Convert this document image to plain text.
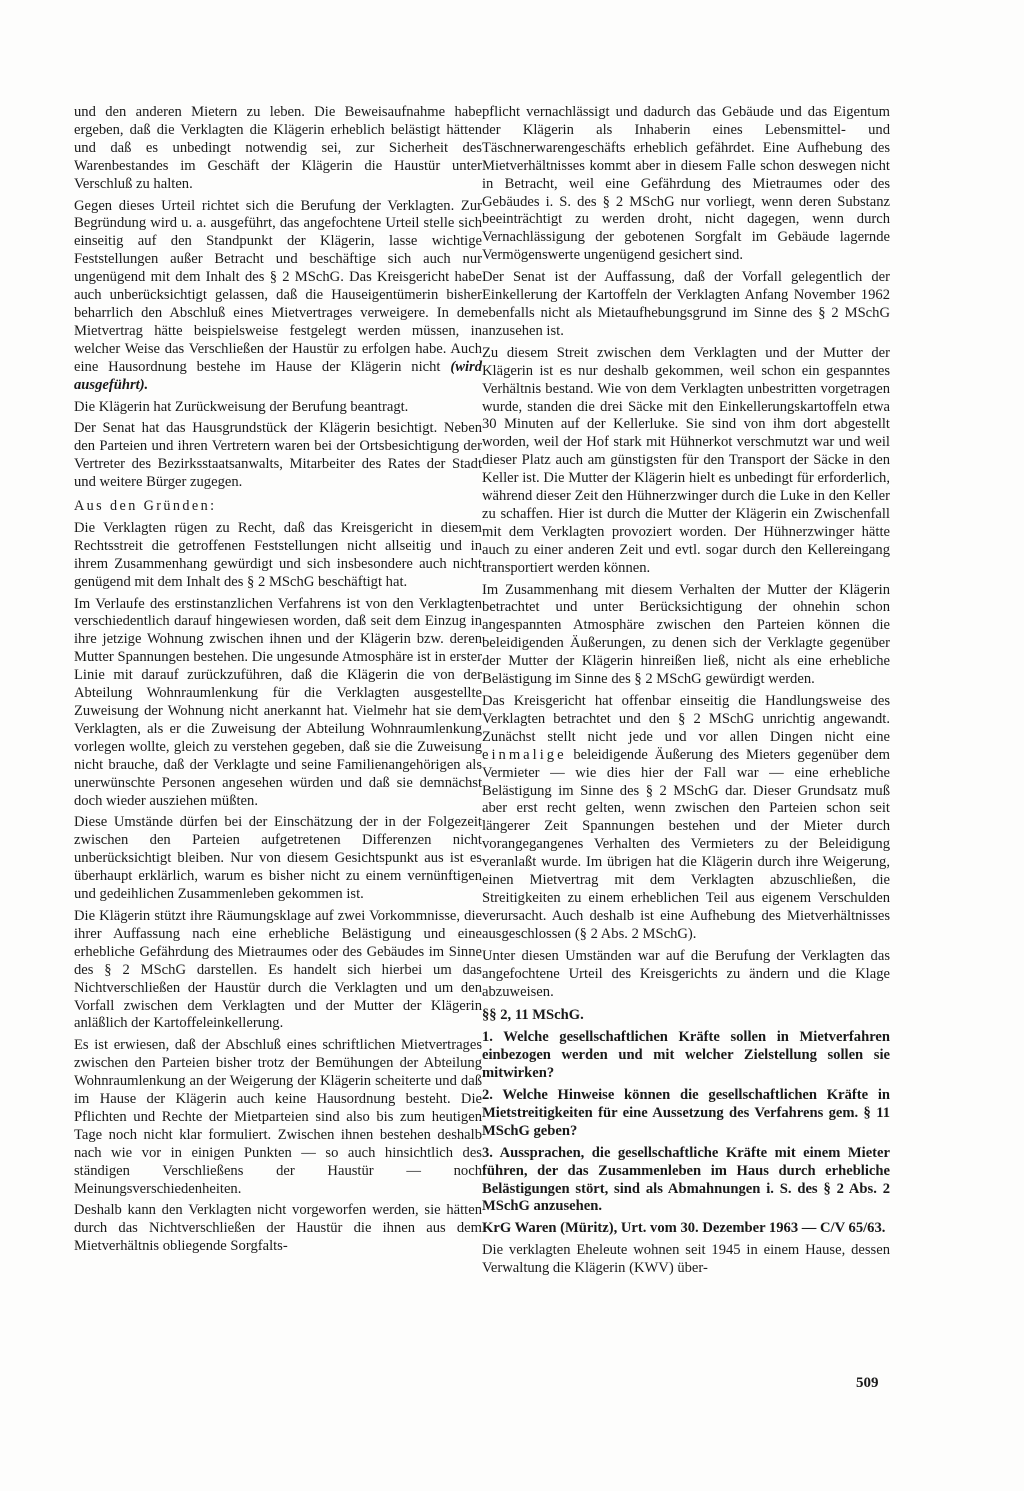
und den anderen Mietern zu leben. Die Beweisaufnahme habe ergeben, daß die Verklagten die Klägerin erheblich belästigt hätten und daß es unbedingt notwendig sei, zur Sicherheit des Warenbestandes im Geschäft der Klägerin die Haustür unter Verschluß zu halten.

Gegen dieses Urteil richtet sich die Berufung der Verklagten. Zur Begründung wird u. a. ausgeführt, das angefochtene Urteil stelle sich einseitig auf den Standpunkt der Klägerin, lasse wichtige Feststellungen außer Betracht und beschäftige sich auch nur ungenügend mit dem Inhalt des § 2 MSchG. Das Kreisgericht habe auch unberücksichtigt gelassen, daß die Hauseigentümerin bisher beharrlich den Abschluß eines Mietvertrages verweigere. In dem Mietvertrag hätte beispielsweise festgelegt werden müssen, in welcher Weise das Verschließen der Haustür zu erfolgen habe. Auch eine Hausordnung bestehe im Hause der Klägerin nicht (wird ausgeführt).

Die Klägerin hat Zurückweisung der Berufung beantragt.

Der Senat hat das Hausgrundstück der Klägerin besichtigt. Neben den Parteien und ihren Vertretern waren bei der Ortsbesichtigung der Vertreter des Bezirksstaatsanwalts, Mitarbeiter des Rates der Stadt und weitere Bürger zugegen.

Aus den Gründen:

Die Verklagten rügen zu Recht, daß das Kreisgericht in diesem Rechtsstreit die getroffenen Feststellungen nicht allseitig und in ihrem Zusammenhang gewürdigt und sich insbesondere auch nicht genügend mit dem Inhalt des § 2 MSchG beschäftigt hat.

Im Verlaufe des erstinstanzlichen Verfahrens ist von den Verklagten verschiedentlich darauf hingewiesen worden, daß seit dem Einzug in ihre jetzige Wohnung zwischen ihnen und der Klägerin bzw. deren Mutter Spannungen bestehen. Die ungesunde Atmosphäre ist in erster Linie mit darauf zurückzuführen, daß die Klägerin die von der Abteilung Wohnraumlenkung für die Verklagten ausgestellte Zuweisung der Wohnung nicht anerkannt hat. Vielmehr hat sie dem Verklagten, als er die Zuweisung der Abteilung Wohnraumlenkung vorlegen wollte, gleich zu verstehen gegeben, daß sie die Zuweisung nicht brauche, daß der Verklagte und seine Familienangehörigen als unerwünschte Personen angesehen würden und daß sie demnächst doch wieder ausziehen müßten.

Diese Umstände dürfen bei der Einschätzung der in der Folgezeit zwischen den Parteien aufgetretenen Differenzen nicht unberücksichtigt bleiben. Nur von diesem Gesichtspunkt aus ist es überhaupt erklärlich, warum es bisher nicht zu einem vernünftigen und gedeihlichen Zusammenleben gekommen ist.

Die Klägerin stützt ihre Räumungsklage auf zwei Vorkommnisse, die ihrer Auffassung nach eine erhebliche Belästigung und eine erhebliche Gefährdung des Mietraumes oder des Gebäudes im Sinne des § 2 MSchG darstellen. Es handelt sich hierbei um das Nichtverschließen der Haustür durch die Verklagten und um den Vorfall zwischen dem Verklagten und der Mutter der Klägerin anläßlich der Kartoffeleinkellerung.

Es ist erwiesen, daß der Abschluß eines schriftlichen Mietvertrages zwischen den Parteien bisher trotz der Bemühungen der Abteilung Wohnraumlenkung an der Weigerung der Klägerin scheiterte und daß im Hause der Klägerin auch keine Hausordnung besteht. Die Pflichten und Rechte der Mietparteien sind also bis zum heutigen Tage noch nicht klar formuliert. Zwischen ihnen bestehen deshalb nach wie vor in einigen Punkten — so auch hinsichtlich des ständigen Verschließens der Haustür — noch Meinungsverschiedenheiten.

Deshalb kann den Verklagten nicht vorgeworfen werden, sie hätten durch das Nichtverschließen der Haustür die ihnen aus dem Mietverhältnis obliegende Sorgfalts-

pflicht vernachlässigt und dadurch das Gebäude und das Eigentum der Klägerin als Inhaberin eines Lebensmittel- und Täschnerwarengeschäfts erheblich gefährdet. Eine Aufhebung des Mietverhältnisses kommt aber in diesem Falle schon deswegen nicht in Betracht, weil eine Gefährdung des Mietraumes oder des Gebäudes i. S. des § 2 MSchG nur vorliegt, wenn deren Substanz beeinträchtigt zu werden droht, nicht dagegen, wenn durch Vernachlässigung der gebotenen Sorgfalt im Gebäude lagernde Vermögenswerte ungenügend gesichert sind.

Der Senat ist der Auffassung, daß der Vorfall gelegentlich der Einkellerung der Kartoffeln der Verklagten Anfang November 1962 ebenfalls nicht als Mietaufhebungsgrund im Sinne des § 2 MSchG anzusehen ist.

Zu diesem Streit zwischen dem Verklagten und der Mutter der Klägerin ist es nur deshalb gekommen, weil schon ein gespanntes Verhältnis bestand. Wie von dem Verklagten unbestritten vorgetragen wurde, standen die drei Säcke mit den Einkellerungskartoffeln etwa 30 Minuten auf der Kellerluke. Sie sind von ihm dort abgestellt worden, weil der Hof stark mit Hühnerkot verschmutzt war und weil dieser Platz auch am günstigsten für den Transport der Säcke in den Keller ist. Die Mutter der Klägerin hielt es unbedingt für erforderlich, während dieser Zeit den Hühnerzwinger durch die Luke in den Keller zu schaffen. Hier ist durch die Mutter der Klägerin ein Zwischenfall mit dem Verklagten provoziert worden. Der Hühnerzwinger hätte auch zu einer anderen Zeit und evtl. sogar durch den Kellereingang transportiert werden können.

Im Zusammenhang mit diesem Verhalten der Mutter der Klägerin betrachtet und unter Berücksichtigung der ohnehin schon angespannten Atmosphäre zwischen den Parteien können die beleidigenden Äußerungen, zu denen sich der Verklagte gegenüber der Mutter der Klägerin hinreißen ließ, nicht als eine erhebliche Belästigung im Sinne des § 2 MSchG gewürdigt werden.

Das Kreisgericht hat offenbar einseitig die Handlungsweise des Verklagten betrachtet und den § 2 MSchG unrichtig angewandt. Zunächst stellt nicht jede und vor allen Dingen nicht eine einmalige beleidigende Äußerung des Mieters gegenüber dem Vermieter — wie dies hier der Fall war — eine erhebliche Belästigung im Sinne des § 2 MSchG dar. Dieser Grundsatz muß aber erst recht gelten, wenn zwischen den Parteien schon seit längerer Zeit Spannungen bestehen und der Mieter durch vorangegangenes Verhalten des Vermieters zu der Beleidigung veranlaßt wurde. Im übrigen hat die Klägerin durch ihre Weigerung, einen Mietvertrag mit dem Verklagten abzuschließen, die Streitigkeiten zu einem erheblichen Teil aus eigenem Verschulden verursacht. Auch deshalb ist eine Aufhebung des Mietverhältnisses ausgeschlossen (§ 2 Abs. 2 MSchG).

Unter diesen Umständen war auf die Berufung der Verklagten das angefochtene Urteil des Kreisgerichts zu ändern und die Klage abzuweisen.

§§ 2, 11 MSchG.

1. Welche gesellschaftlichen Kräfte sollen in Mietverfahren einbezogen werden und mit welcher Zielstellung sollen sie mitwirken?

2. Welche Hinweise können die gesellschaftlichen Kräfte in Mietstreitigkeiten für eine Aussetzung des Verfahrens gem. § 11 MSchG geben?

3. Aussprachen, die gesellschaftliche Kräfte mit einem Mieter führen, der das Zusammenleben im Haus durch erhebliche Belästigungen stört, sind als Abmahnungen i. S. des § 2 Abs. 2 MSchG anzusehen.

KrG Waren (Müritz), Urt. vom 30. Dezember 1963 — C/V 65/63.

Die verklagten Eheleute wohnen seit 1945 in einem Hause, dessen Verwaltung die Klägerin (KWV) über-

509
